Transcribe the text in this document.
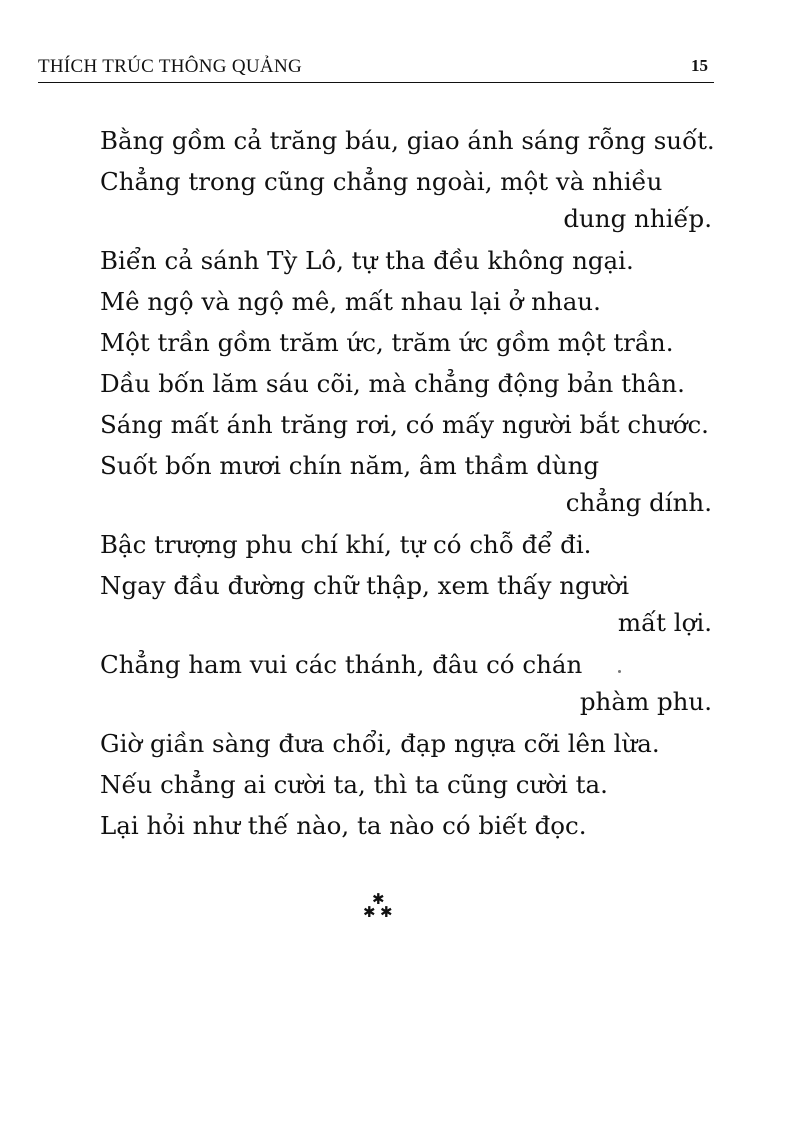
THÍCH TRÚC THÔNG QUẢNG	15
Bằng gồm cả trăng báu, giao ánh sáng rỗng suốt.
Chẳng trong cũng chẳng ngoài, một và nhiều
dung nhiếp.
Biển cả sánh Tỳ Lô, tự tha đều không ngại.
Mê ngộ và ngộ mê, mất nhau lại ở nhau.
Một trần gồm trăm ức, trăm ức gồm một trần.
Dầu bốn lăm sáu cõi, mà chẳng động bản thân.
Sáng mất ánh trăng rơi, có mấy người bắt chước.
Suốt bốn mươi chín năm, âm thầm dùng
chẳng dính.
Bậc trượng phu chí khí, tự có chỗ để đi.
Ngay đầu đường chữ thập, xem thấy người
mất lợi.
Chẳng ham vui các thánh, đâu có chán
phàm phu.
Giờ giần sàng đưa chổi, đạp ngựa cỡi lên lừa.
Nếu chẳng ai cười ta, thì ta cũng cười ta.
Lại hỏi như thế nào, ta nào có biết đọc.
✱
✱ ✱
